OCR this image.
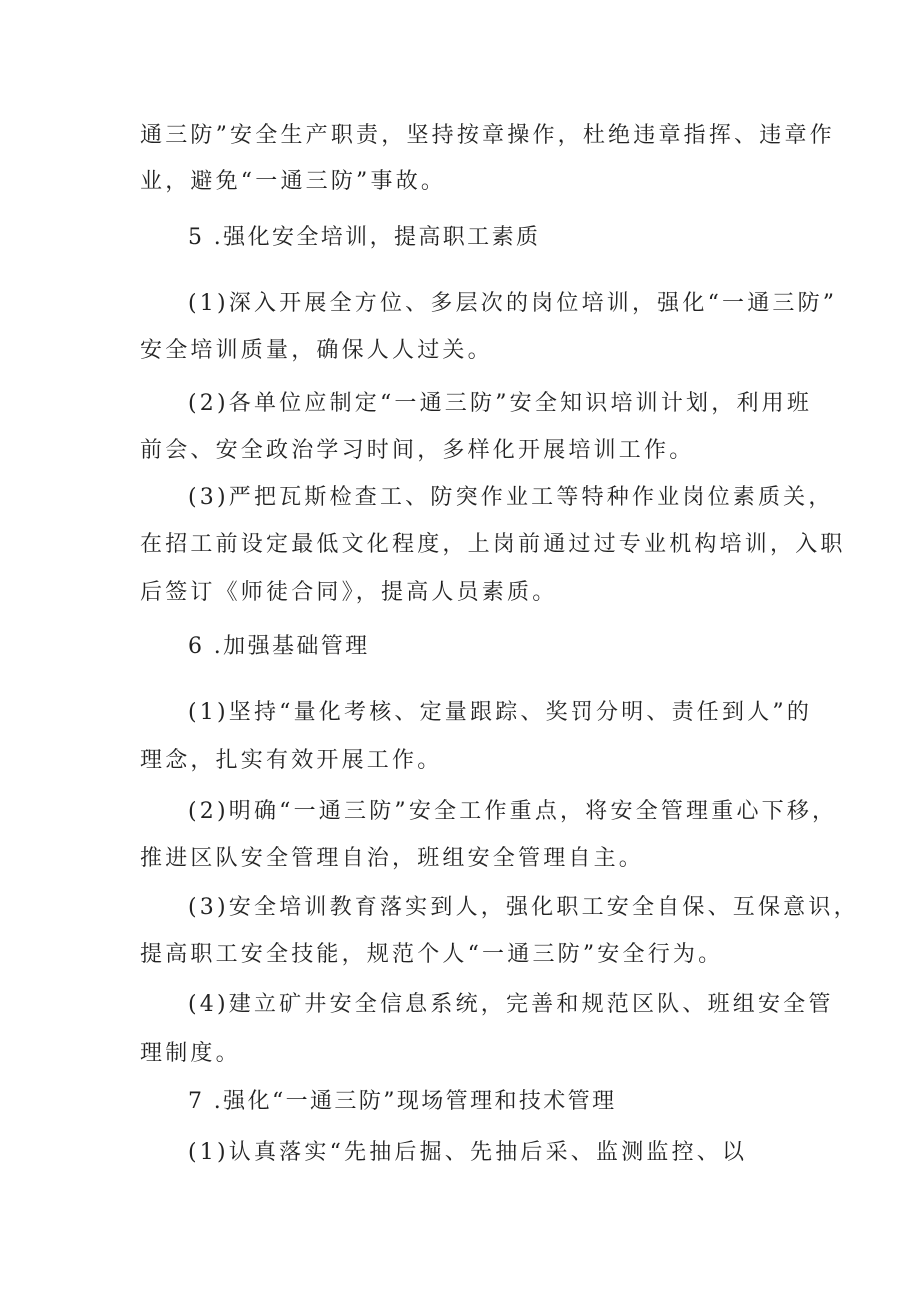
通三防”安全生产职责，坚持按章操作，杜绝违章指挥、违章作
业，避免“一通三防”事故。
5 .强化安全培训，提高职工素质
(1)深入开展全方位、多层次的岗位培训，强化“一通三防”
安全培训质量，确保人人过关。
(2)各单位应制定“一通三防”安全知识培训计划，利用班
前会、安全政治学习时间，多样化开展培训工作。
(3)严把瓦斯检查工、防突作业工等特种作业岗位素质关，
在招工前设定最低文化程度，上岗前通过过专业机构培训，入职
后签订《师徒合同》，提高人员素质。
6 .加强基础管理
(1)坚持“量化考核、定量跟踪、奖罚分明、责任到人”的
理念，扎实有效开展工作。
(2)明确“一通三防”安全工作重点，将安全管理重心下移，
推进区队安全管理自治，班组安全管理自主。
(3)安全培训教育落实到人，强化职工安全自保、互保意识，
提高职工安全技能，规范个人“一通三防”安全行为。
(4)建立矿井安全信息系统，完善和规范区队、班组安全管
理制度。
7 .强化“一通三防”现场管理和技术管理
(1)认真落实“先抽后掘、先抽后采、监测监控、以
